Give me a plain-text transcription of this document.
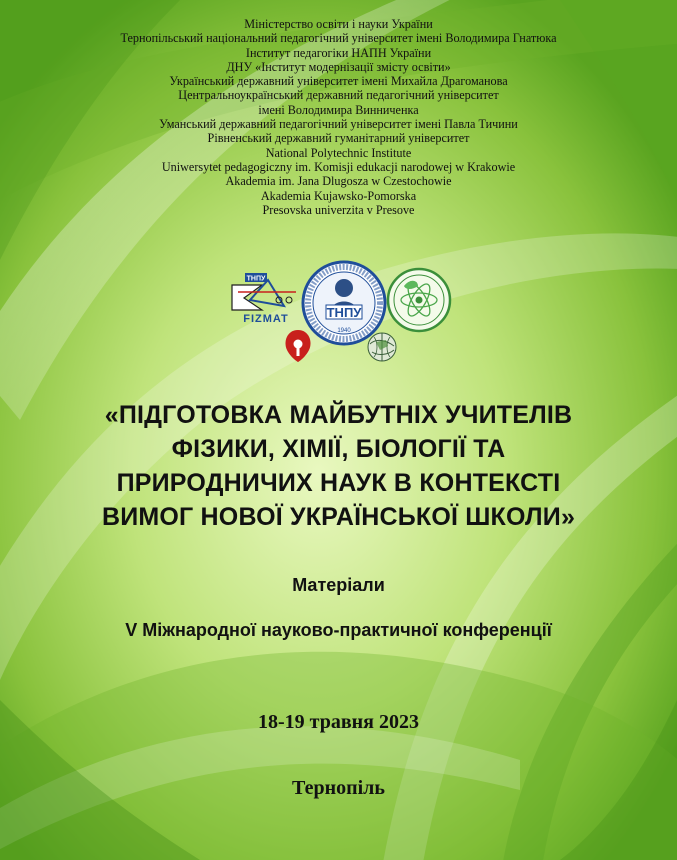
Міністерство освіти і науки України
Тернопільський національний педагогічний університет імені Володимира Гнатюка
Інститут педагогіки НАПН України
ДНУ «Інститут модернізації змісту освіти»
Український державний університет імені Михайла Драгоманова
Центральноукраїнський державний педагогічний університет
імені Володимира Винниченка
Уманський державний педагогічний університет імені Павла Тичини
Рівненський державний гуманітарний університет
National Polytechnic Institute
Uniwersytet pedagogiczny im. Komisji edukacji narodowej w Krakowie
Akademia im. Jana Dlugosza w Czestochowie
Akademia Kujawsko-Pomorska
Presovska univerzita v Presove
ТНПУ
FIZMAT	ТНПУ
1940
«ПІДГОТОВКА МАЙБУТНІХ УЧИТЕЛІВ
ФІЗИКИ, ХІМІЇ, БІОЛОГІЇ ТА
ПРИРОДНИЧИХ НАУК В КОНТЕКСТІ
ВИМОГ НОВОЇ УКРАЇНСЬКОЇ ШКОЛИ»
Матеріали
V Міжнародної науково-практичної конференції
18-19 травня 2023
Тернопіль
